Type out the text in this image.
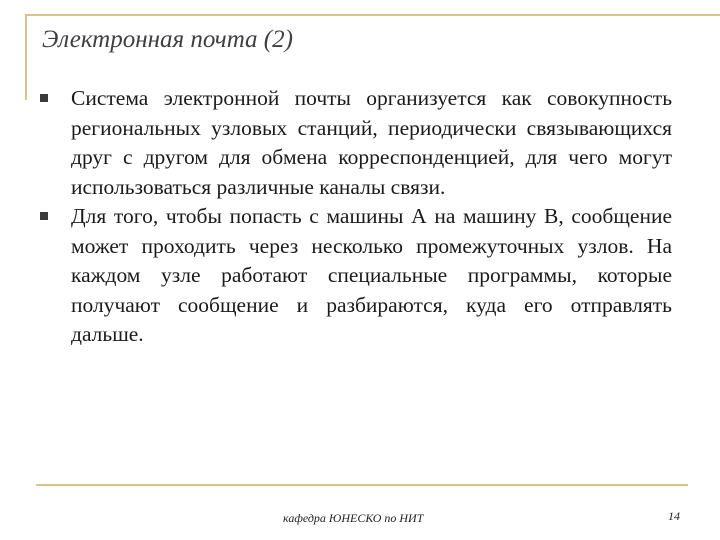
Электронная почта (2)
Система электронной почты организуется как совокупность региональных узловых станций, периодически связывающихся друг с другом для обмена корреспонденцией, для чего могут использоваться различные каналы связи.
Для того, чтобы попасть с машины А на машину В, сообщение может проходить через несколько промежуточных узлов. На каждом узле работают специальные программы, которые получают сообщение и разбираются, куда его отправлять дальше.
кафедра ЮНЕСКО по НИТ	14
